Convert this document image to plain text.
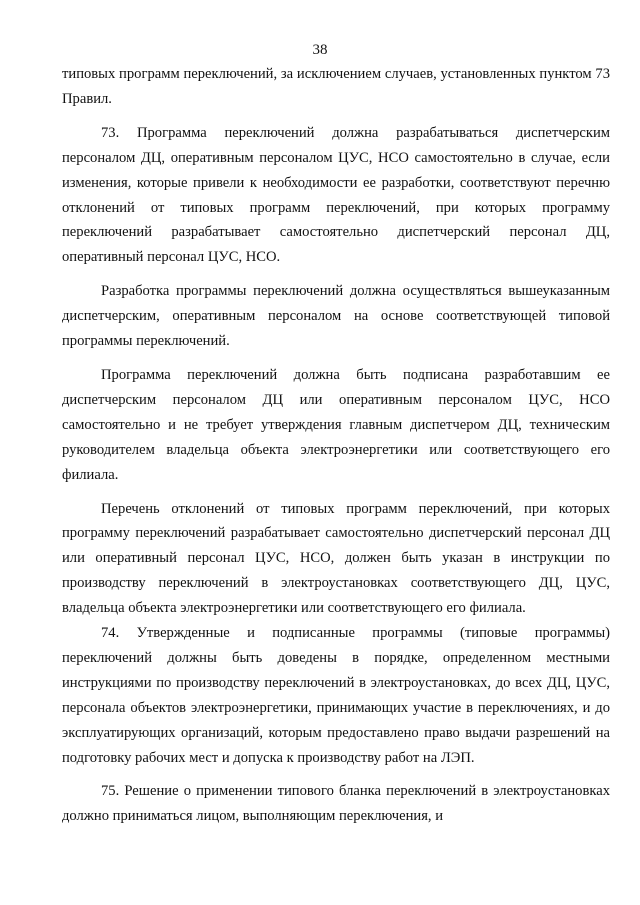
38

типовых программ переключений, за исключением случаев, установленных пунктом 73 Правил.

73. Программа переключений должна разрабатываться диспетчерским персоналом ДЦ, оперативным персоналом ЦУС, НСО самостоятельно в случае, если изменения, которые привели к необходимости ее разработки, соответствуют перечню отклонений от типовых программ переключений, при которых программу переключений разрабатывает самостоятельно диспетчерский персонал ДЦ, оперативный персонал ЦУС, НСО.

Разработка программы переключений должна осуществляться вышеуказанным диспетчерским, оперативным персоналом на основе соответствующей типовой программы переключений.

Программа переключений должна быть подписана разработавшим ее диспетчерским персоналом ДЦ или оперативным персоналом ЦУС, НСО самостоятельно и не требует утверждения главным диспетчером ДЦ, техническим руководителем владельца объекта электроэнергетики или соответствующего его филиала.

Перечень отклонений от типовых программ переключений, при которых программу переключений разрабатывает самостоятельно диспетчерский персонал ДЦ или оперативный персонал ЦУС, НСО, должен быть указан в инструкции по производству переключений в электроустановках соответствующего ДЦ, ЦУС, владельца объекта электроэнергетики или соответствующего его филиала.

74. Утвержденные и подписанные программы (типовые программы) переключений должны быть доведены в порядке, определенном местными инструкциями по производству переключений в электроустановках, до всех ДЦ, ЦУС, персонала объектов электроэнергетики, принимающих участие в переключениях, и до эксплуатирующих организаций, которым предоставлено право выдачи разрешений на подготовку рабочих мест и допуска к производству работ на ЛЭП.

75. Решение о применении типового бланка переключений в электроустановках должно приниматься лицом, выполняющим переключения, и
